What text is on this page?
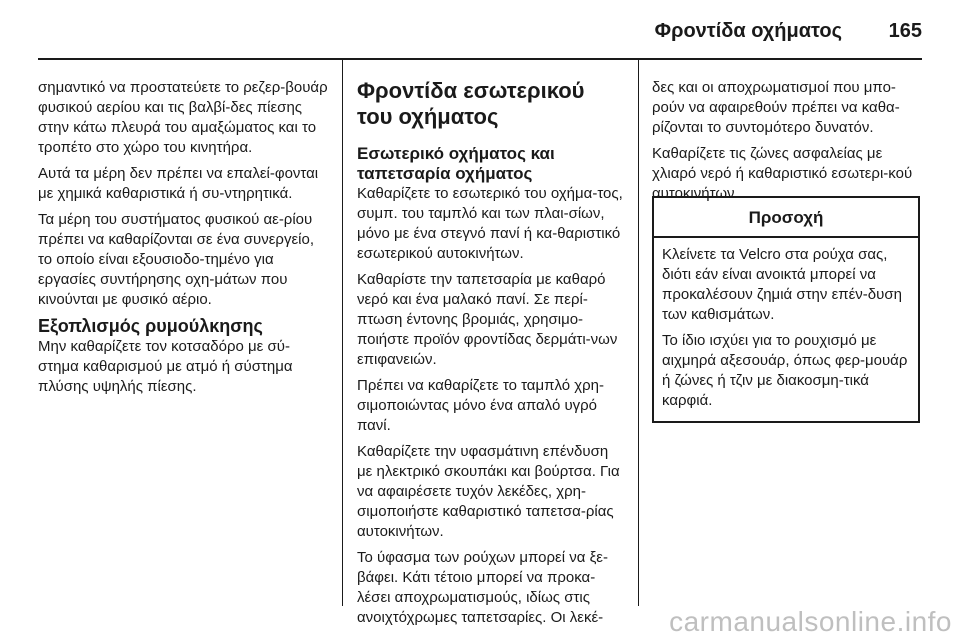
Φροντίδα οχήματος 165

σημαντικό να προστατεύετε το ρεζερ-βουάρ φυσικού αερίου και τις βαλβί-δες πίεσης στην κάτω πλευρά του αμαξώματος και το τροπέτο στο χώρο του κινητήρα.

Αυτά τα μέρη δεν πρέπει να επαλεί-φονται με χημικά καθαριστικά ή συ-ντηρητικά.

Τα μέρη του συστήματος φυσικού αε-ρίου πρέπει να καθαρίζονται σε ένα συνεργείο, το οποίο είναι εξουσιοδο-τημένο για εργασίες συντήρησης οχη-μάτων που κινούνται με φυσικό αέριο.

Εξοπλισμός ρυμούλκησης

Μην καθαρίζετε τον κοτσαδόρο με σύ-στημα καθαρισμού με ατμό ή σύστημα πλύσης υψηλής πίεσης.

Φροντίδα εσωτερικού του οχήματος
Εσωτερικό οχήματος και ταπετσαρία οχήματος

Καθαρίζετε το εσωτερικό του οχήμα-τος, συμπ. του ταμπλό και των πλαι-σίων, μόνο με ένα στεγνό πανί ή κα-θαριστικό εσωτερικού αυτοκινήτων.

Καθαρίστε την ταπετσαρία με καθαρό νερό και ένα μαλακό πανί. Σε περί-πτωση έντονης βρομιάς, χρησιμο-ποιήστε προϊόν φροντίδας δερμάτι-νων επιφανειών.

Πρέπει να καθαρίζετε το ταμπλό χρη-σιμοποιώντας μόνο ένα απαλό υγρό πανί.

Καθαρίζετε την υφασμάτινη επένδυση με ηλεκτρικό σκουπάκι και βούρτσα. Για να αφαιρέσετε τυχόν λεκέδες, χρη-σιμοποιήστε καθαριστικό ταπετσα-ρίας αυτοκινήτων.

Το ύφασμα των ρούχων μπορεί να ξε-βάφει. Κάτι τέτοιο μπορεί να προκα-λέσει αποχρωματισμούς, ιδίως στις ανοιχτόχρωμες ταπετσαρίες. Οι λεκέ-

δες και οι αποχρωματισμοί που μπο-ρούν να αφαιρεθούν πρέπει να καθα-ρίζονται το συντομότερο δυνατόν.

Καθαρίζετε τις ζώνες ασφαλείας με χλιαρό νερό ή καθαριστικό εσωτερι-κού αυτοκινήτων.

Προσοχή

Κλείνετε τα Velcro στα ρούχα σας, διότι εάν είναι ανοικτά μπορεί να προκαλέσουν ζημιά στην επέν-δυση των καθισμάτων.

Το ίδιο ισχύει για το ρουχισμό με αιχμηρά αξεσουάρ, όπως φερ-μουάρ ή ζώνες ή τζιν με διακοσμη-τικά καρφιά.

carmanualsonline.info
